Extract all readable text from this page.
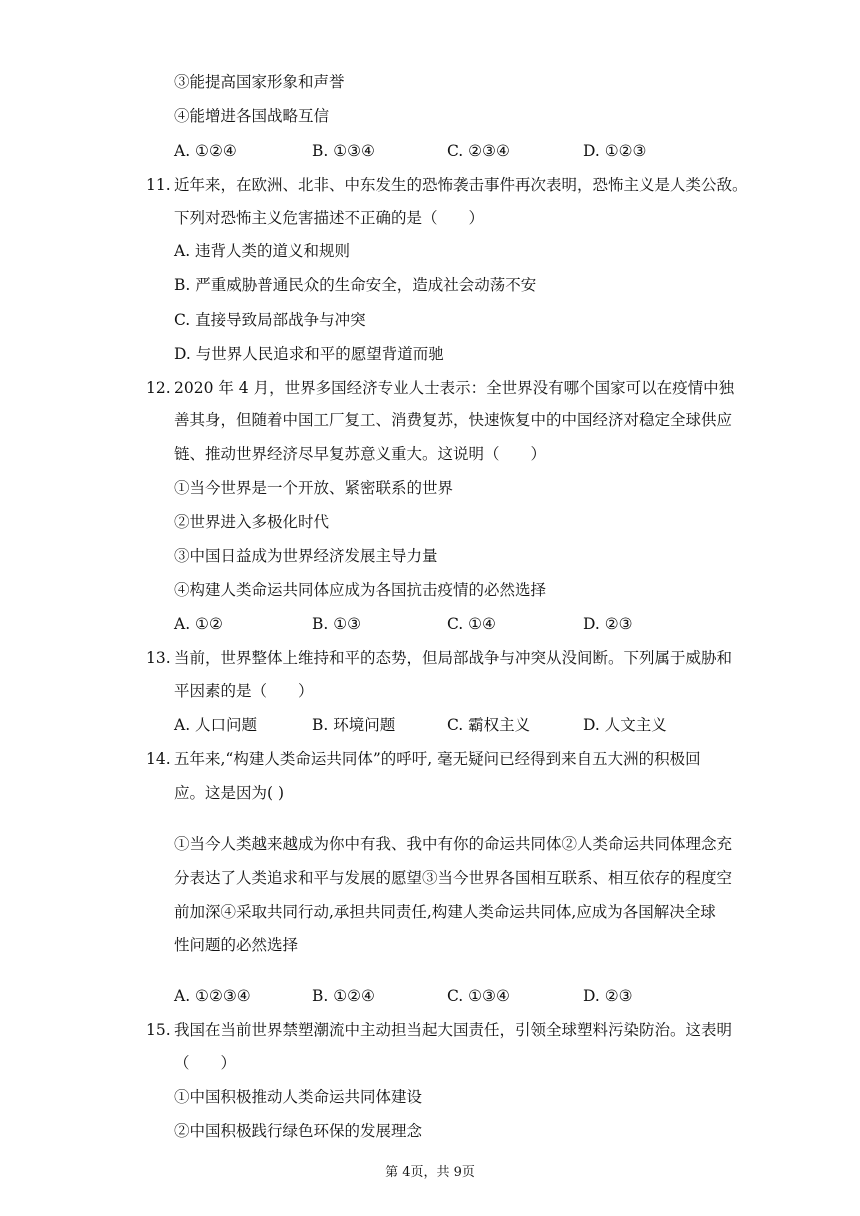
③能提高国家形象和声誉

④能增进各国战略互信

A. ①②④	B. ①③④	C. ②③④	D. ①②③
11. 近年来，在欧洲、北非、中东发生的恐怖袭击事件再次表明，恐怖主义是人类公敌。

下列对恐怖主义危害描述不正确的是（　　）

A. 违背人类的道义和规则

B. 严重威胁普通民众的生命安全，造成社会动荡不安

C. 直接导致局部战争与冲突

D. 与世界人民追求和平的愿望背道而驰

12. 2020 年 4 月，世界多国经济专业人士表示：全世界没有哪个国家可以在疫情中独

善其身，但随着中国工厂复工、消费复苏，快速恢复中的中国经济对稳定全球供应

链、推动世界经济尽早复苏意义重大。这说明（　　）

①当今世界是一个开放、紧密联系的世界

②世界进入多极化时代

③中国日益成为世界经济发展主导力量

④构建人类命运共同体应成为各国抗击疫情的必然选择

A. ①②	B. ①③	C. ①④	D. ②③
13. 当前，世界整体上维持和平的态势，但局部战争与冲突从没间断。下列属于威胁和

平因素的是（　　）

A. 人口问题	B. 环境问题	C. 霸权主义	D. 人文主义
14. 五年来,“构建人类命运共同体”的呼吁, 毫无疑问已经得到来自五大洲的积极回

应。这是因为( )

①当今人类越来越成为你中有我、我中有你的命运共同体②人类命运共同体理念充

分表达了人类追求和平与发展的愿望③当今世界各国相互联系、相互依存的程度空

前加深④采取共同行动,承担共同责任,构建人类命运共同体,应成为各国解决全球

性问题的必然选择

A. ①②③④	B. ①②④	C. ①③④	D. ②③
15. 我国在当前世界禁塑潮流中主动担当起大国责任，引领全球塑料污染防治。这表明

（　　）

①中国积极推动人类命运共同体建设

②中国积极践行绿色环保的发展理念

第 4页，共 9页
